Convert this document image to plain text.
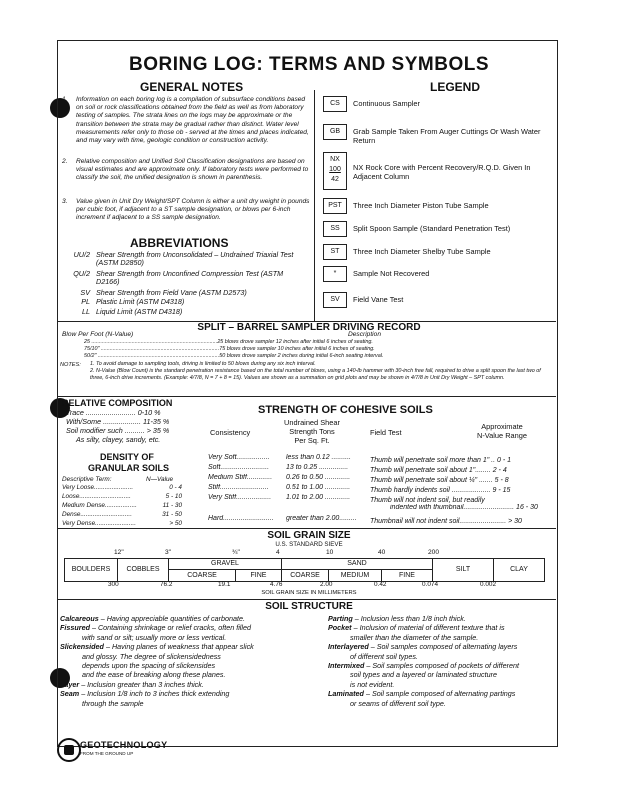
BORING LOG: TERMS AND SYMBOLS
GENERAL NOTES
1. Information on each boring log is a compilation of subsurface conditions based on soil or rock classifications obtained from the field as well as from laboratory testing of samples. The strata lines on the logs may be approximate or the transition between the strata may be gradual rather than distinct. Water level measurements refer only to those ob - served at the times and places indicated, and may vary with time, geologic condition or construction activity.
2. Relative composition and Unified Soil Classification designations are based on visual estimates and are approximate only. If laboratory tests were performed to classify the soil, the unified designation is shown in parenthesis.
3. Value given in Unit Dry Weight/SPT Column is either a unit dry weight in pounds per cubic foot, if adjacent to a ST sample designation, or blows per 6-inch increment if adjacent to a SS sample designation.
ABBREVIATIONS
UU/2 Shear Strength from Unconsolidated – Undrained Triaxial Test (ASTM D2850)
QU/2 Shear Strength from Unconfined Compression Test (ASTM D2166)
SV Shear Strength from Field Vane (ASTM D2573)
PL Plastic Limit (ASTM D4318)
LL Liquid Limit (ASTM D4318)
LEGEND
CS	Continuous Sampler
GB	Grab Sample Taken From Auger Cuttings Or Wash Water Return
NX
100
42
NX Rock Core with Percent Recovery/R.Q.D. Given In Adjacent Column
PST	Three Inch Diameter Piston Tube Sample
SS	Split Spoon Sample (Standard Penetration Test)
ST	Three Inch Diameter Shelby Tube Sample
*	Sample Not Recovered
SV	Field Vane Test
SPLIT – BARREL SAMPLER DRIVING RECORD
Blow Per Foot (N-Value)	Description
25 ....................................................................................25 blows drove sampler 12 inches after initial 6 inches of seating.
75/10" ...............................................................................75 blows drove sampler 10 inches after initial 6 inches of seating.
50/2" .................................................................................50 blows drove sampler 2 inches during initial 6-inch seating interval.
NOTES: 1. To avoid damage to sampling tools, driving is limited to 50 blows during any six inch interval.
2. N-Value (Blow Count) is the standard penetration resistance based on the total number of blows, using a 140-lb hammer with 30-inch free fall, required to drive a split spoon the last two of three, 6-inch drive increments. (Example: 4/7/8, N = 7 + 8 = 15). Values are shown as a summation on grid plots and may be shown in 4/7/8 in Unit Dry Weight – SPT column.
RELATIVE COMPOSITION
Trace ......................... 0-10 %
With/Some ................... 11-35 %
Soil modifier such .......... > 35 %
As silty, clayey, sandy, etc.
DENSITY OF
GRANULAR SOILS
Descriptive Term:	N—Value
Very Loose......................	0 - 4
Loose.............................	5 - 10
Medium Dense..................	11 - 30
Dense.............................	31 - 50
Very Dense.......................	> 50
STRENGTH OF COHESIVE SOILS
Consistency
Undrained Shear
Strength Tons
Per Sq. Ft.
Field Test
Approximate
N-Value Range
Very Soft................. less than 0.12 ..........	Thumb will penetrate soil more than 1" .. 0 - 1
Soft......................... 13 to 0.25 ...............	Thumb will penetrate soil about 1"........ 2 - 4
Medium Stiff............. 0.26 to 0.50 .............	Thumb will penetrate soil about ¼" ....... 5 - 8
Stiff......................... 0.51 to 1.00 .............	Thumb hardly indents soil .................... 9 - 15
Very Stiff.................. 1.01 to 2.00 .............	Thumb will not indent soil, but readily
indented with thumbnail.......................... 16 - 30
Hard.......................... greater than 2.00......... Thumbnail will not indent soil........................ > 30
SOIL GRAIN SIZE
U.S. STANDARD SIEVE
12"	3"	¾"	4	10	40	200
BOULDERS	COBBLES
GRAVEL	SAND
COARSE	FINE	COARSE	MEDIUM	FINE
SILT	CLAY
300	76.2	19.1	4.76	2.00	0.42	0.074	0.002
SOIL GRAIN SIZE IN MILLIMETERS
SOIL STRUCTURE
Calcareous – Having appreciable quantities of carbonate.
Fissured – Containing shrinkage or relief cracks, often filled
with sand or silt; usually more or less vertical.
Slickensided – Having planes of weakness that appear slick
and glossy. The degree of slickensidedness
depends upon the spacing of slickensides
and the ease of breaking along these planes.
Layer – Inclusion greater than 3 inches thick.
Seam – Inclusion 1/8 inch to 3 inches thick extending
through the sample
Parting – Inclusion less than 1/8 inch thick.
Pocket – Inclusion of material of different texture that is
smaller than the diameter of the sample.
Interlayered – Soil samples composed of alternating layers
of different soil types.
Intermixed – Soil samples composed of pockets of different
soil types and a layered or laminated structure
is not evident.
Laminated – Soil sample composed of alternating partings
or seams of different soil type.
GEOTECHNOLOGY
FROM THE GROUND UP
